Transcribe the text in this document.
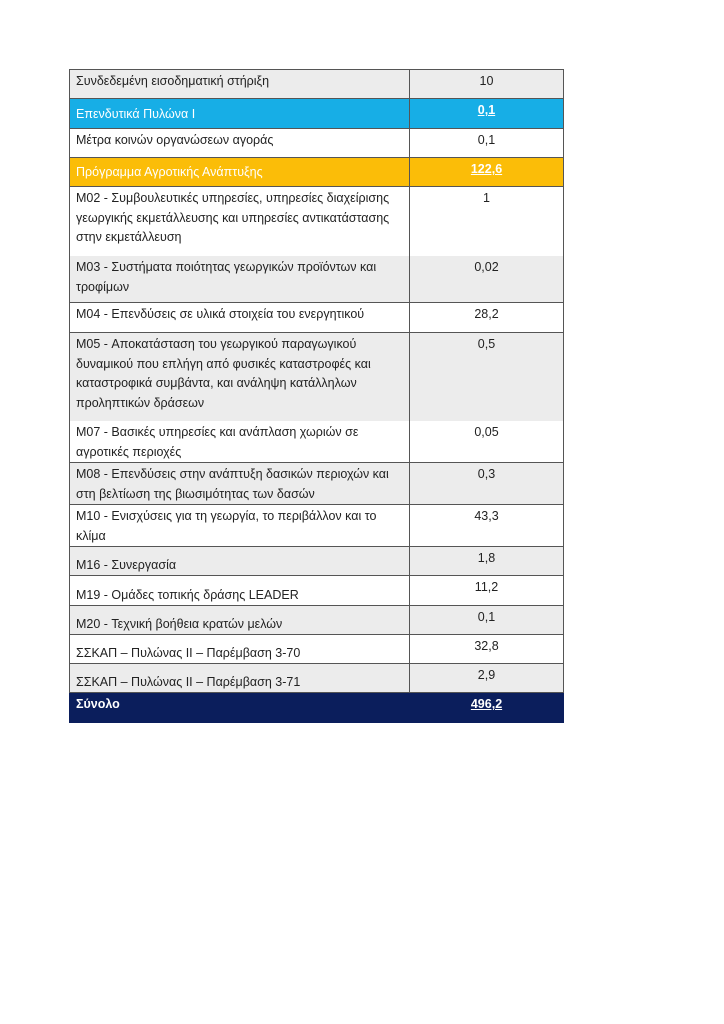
Συνδεδεμένη εισοδηματική στήριξη	10
Επενδυτικά Πυλώνα Ι	0,1
Μέτρα κοινών οργανώσεων αγοράς	0,1
Πρόγραμμα Αγροτικής Ανάπτυξης	122,6
M02 - Συμβουλευτικές υπηρεσίες, υπηρεσίες διαχείρισης γεωργικής εκμετάλλευσης και υπηρεσίες αντικατάστασης στην εκμετάλλευση	1
M03 - Συστήματα ποιότητας γεωργικών προϊόντων και τροφίμων	0,02
M04 - Επενδύσεις σε υλικά στοιχεία του ενεργητικού	28,2
M05 - Αποκατάσταση του γεωργικού παραγωγικού δυναμικού που επλήγη από φυσικές καταστροφές και καταστροφικά συμβάντα, και ανάληψη κατάλληλων προληπτικών δράσεων	0,5
M07 - Βασικές υπηρεσίες και ανάπλαση χωριών σε αγροτικές περιοχές	0,05
M08 - Επενδύσεις στην ανάπτυξη δασικών περιοχών και στη βελτίωση της βιωσιμότητας των δασών	0,3
M10 - Ενισχύσεις για τη γεωργία, το περιβάλλον και το κλίμα	43,3
M16 - Συνεργασία	1,8
M19 - Ομάδες τοπικής δράσης LEADER	11,2
M20 - Τεχνική βοήθεια κρατών μελών	0,1
ΣΣΚΑΠ – Πυλώνας ΙΙ – Παρέμβαση 3-70	32,8
ΣΣΚΑΠ – Πυλώνας ΙΙ – Παρέμβαση 3-71	2,9
Σύνολο	496,2
